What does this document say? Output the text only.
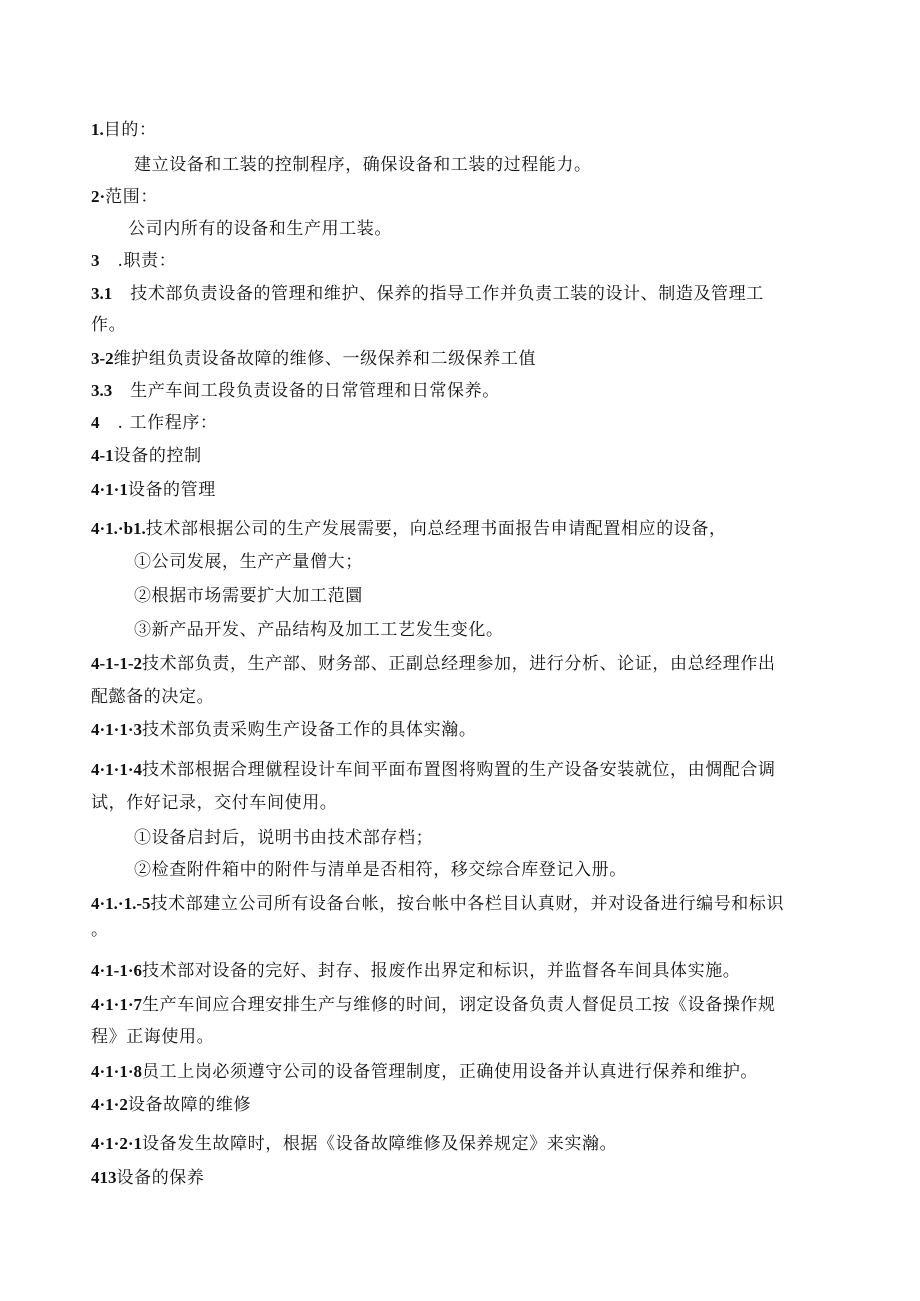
1.目的：
建立设备和工装的控制程序，确保设备和工装的过程能力。
2·范围：
公司内所有的设备和生产用工装。
3   .职责：
3.1   技术部负责设备的管理和维护、保养的指导工作并负责工装的设计、制造及管理工
作。
3-2维护组负责设备故障的维修、一级保养和二级保养工值
3.3   生产车间工段负责设备的日常管理和日常保养。
4   . 工作程序：
4-1设备的控制
4·1·1设备的管理
4·1.·b1.技术部根据公司的生产发展需要，向总经理书面报告申请配置相应的设备，
①公司发展，生产产量僧大；
②根据市场需要扩大加工范圜
③新产品开发、产品结构及加工工艺发生变化。
4-1-1-2技术部负责，生产部、财务部、正副总经理参加，进行分析、论证，由总经理作出
配懿备的决定。
4·1·1·3技术部负责采购生产设备工作的具体实瀚。
4·1·1·4技术部根据合理僦程设计车间平面布置图将购置的生产设备安装就位，由惆配合调
试，作好记录，交付车间使用。
①设备启封后，说明书由技术部存档；
②检查附件箱中的附件与清单是否相符，移交综合库登记入册。
4·1.·1.-5技术部建立公司所有设备台帐，按台帐中各栏目认真财，并对设备进行编号和标识
。
4·1-1·6技术部对设备的完好、封存、报废作出界定和标识，并监督各车间具体实施。
4·1·1·7生产车间应合理安排生产与维修的时间，诩定设备负责人督促员工按《设备操作规
程》正诲使用。
4·1·1·8员工上岗必须遵守公司的设备管理制度，正确使用设备并认真进行保养和维护。
4·1·2设备故障的维修
4·1·2·1设备发生故障时，根据《设备故障维修及保养规定》来实瀚。
413设备的保养
